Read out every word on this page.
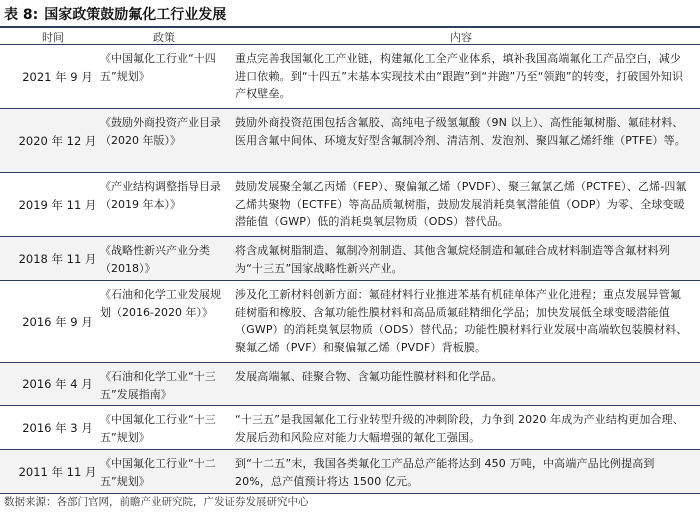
表 8: 国家政策鼓励氟化工行业发展
时间	政策	内容
2021 年 9 月
《中国氟化工行业“十四五”规划》
重点完善我国氟化工产业链，构建氟化工全产业体系，填补我国高端氟化工产品空白，减少进口依赖。到“十四五”末基本实现技术由“跟跑”到“并跑”乃至“领跑”的转变，打破国外知识产权壁垒。
2020 年 12 月
《鼓励外商投资产业目录（2020 年版）》
鼓励外商投资范围包括含氟胶、高纯电子级氢氟酸（9N 以上）、高性能氟树脂、氟硅材料、医用含氟中间体、环境友好型含氟制冷剂、清洁剂、发泡剂、聚四氟乙烯纤维（PTFE）等。
2019 年 11 月
《产业结构调整指导目录（2019 年本）》
鼓励发展聚全氟乙丙烯（FEP）、聚偏氟乙烯（PVDF）、聚三氟氯乙烯（PCTFE）、乙烯-四氟乙烯共聚物（ECTFE）等高品质氟树脂，鼓励发展消耗臭氧潜能值（ODP）为零、全球变暖潜能值（GWP）低的消耗臭氧层物质（ODS）替代品。
2018 年 11 月
《战略性新兴产业分类（2018）》
将含成氟树脂制造、氟制冷剂制造、其他含氟烷烃制造和氟硅合成材料制造等含氟材料列为“十三五”国家战略性新兴产业。
2016 年 9 月
《石油和化学工业发展规划（2016-2020 年）》
涉及化工新材料创新方面：氟硅材料行业推进苯基有机硅单体产业化进程；重点发展异管氟硅树脂和橡胶、含氟功能性膜材料和高品质氟硅精细化学品；加快发展低全球变暖潜能值（GWP）的消耗臭氧层物质（ODS）替代品；功能性膜材料行业发展中高端软包装膜材料、聚氟乙烯（PVF）和聚偏氟乙烯（PVDF）背板膜。
2016 年 4 月
《石油和化学工业“十三五”发展指南》
发展高端氟、硅聚合物、含氟功能性膜材料和化学品。
2016 年 3 月
《中国氟化工行业“十三五”规划》
“十三五”是我国氟化工行业转型升级的冲刺阶段，力争到 2020 年成为产业结构更加合理、发展后劲和风险应对能力大幅增强的氟化工强国。
2011 年 11 月
《中国氟化工行业“十二五”规划》
到“十二五”末，我国各类氟化工产品总产能将达到 450 万吨，中高端产品比例提高到 20%，总产值预计将达 1500 亿元。
数据来源：各部门官网，前瞻产业研究院，广发证券发展研究中心
